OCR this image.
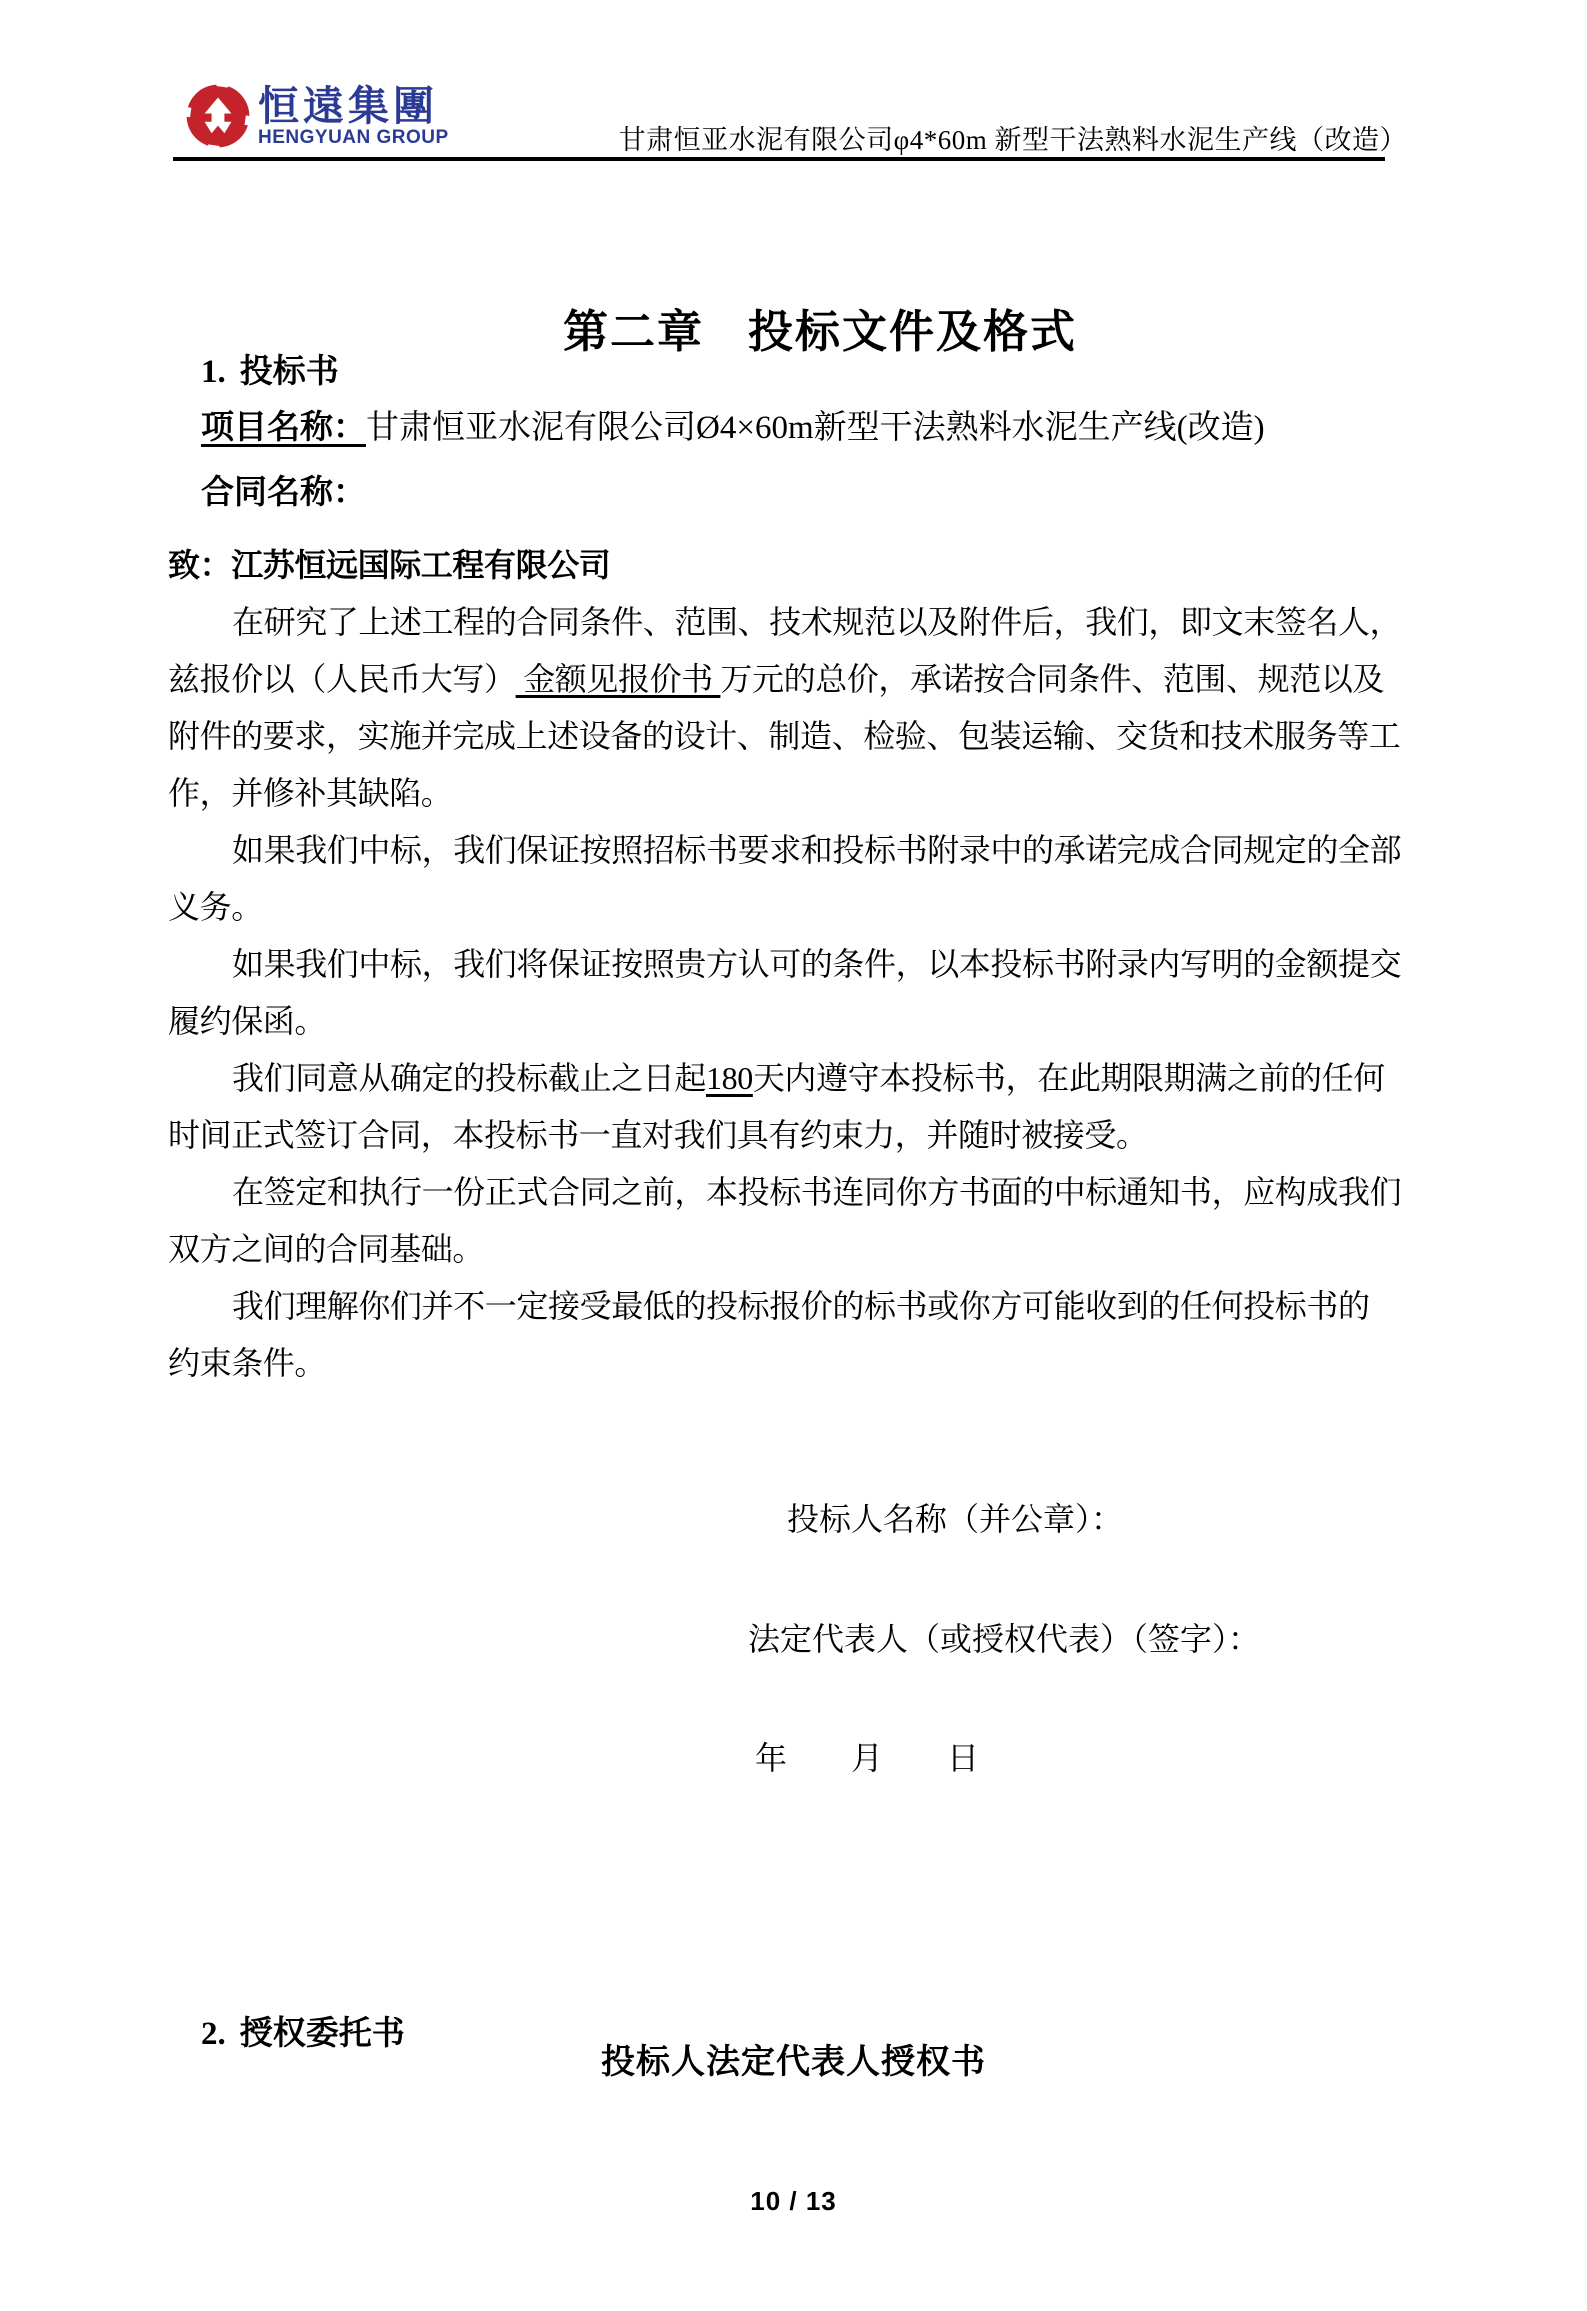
恒遠集團
HENGYUAN GROUP	甘肃恒亚水泥有限公司φ4*60m 新型干法熟料水泥生产线（改造）

第二章 投标文件及格式

1. 投标书

项目名称：甘肃恒亚水泥有限公司Ø4×60m新型干法熟料水泥生产线(改造)

合同名称：

致：江苏恒远国际工程有限公司
在研究了上述工程的合同条件、范围、技术规范以及附件后，我们，即文末签名人，
兹报价以（人民币大写） 金额见报价书 万元的总价，承诺按合同条件、范围、规范以及
附件的要求，实施并完成上述设备的设计、制造、检验、包装运输、交货和技术服务等工
作，并修补其缺陷。
如果我们中标，我们保证按照招标书要求和投标书附录中的承诺完成合同规定的全部
义务。
如果我们中标，我们将保证按照贵方认可的条件，以本投标书附录内写明的金额提交
履约保函。
我们同意从确定的投标截止之日起180天内遵守本投标书，在此期限期满之前的任何
时间正式签订合同，本投标书一直对我们具有约束力，并随时被接受。
在签定和执行一份正式合同之前，本投标书连同你方书面的中标通知书，应构成我们
双方之间的合同基础。
我们理解你们并不一定接受最低的投标报价的标书或你方可能收到的任何投标书的
约束条件。
投标人名称（并公章）：
法定代表人（或授权代表）（签字）：
年　　月　　日

2. 授权委托书

投标人法定代表人授权书
10 / 13
